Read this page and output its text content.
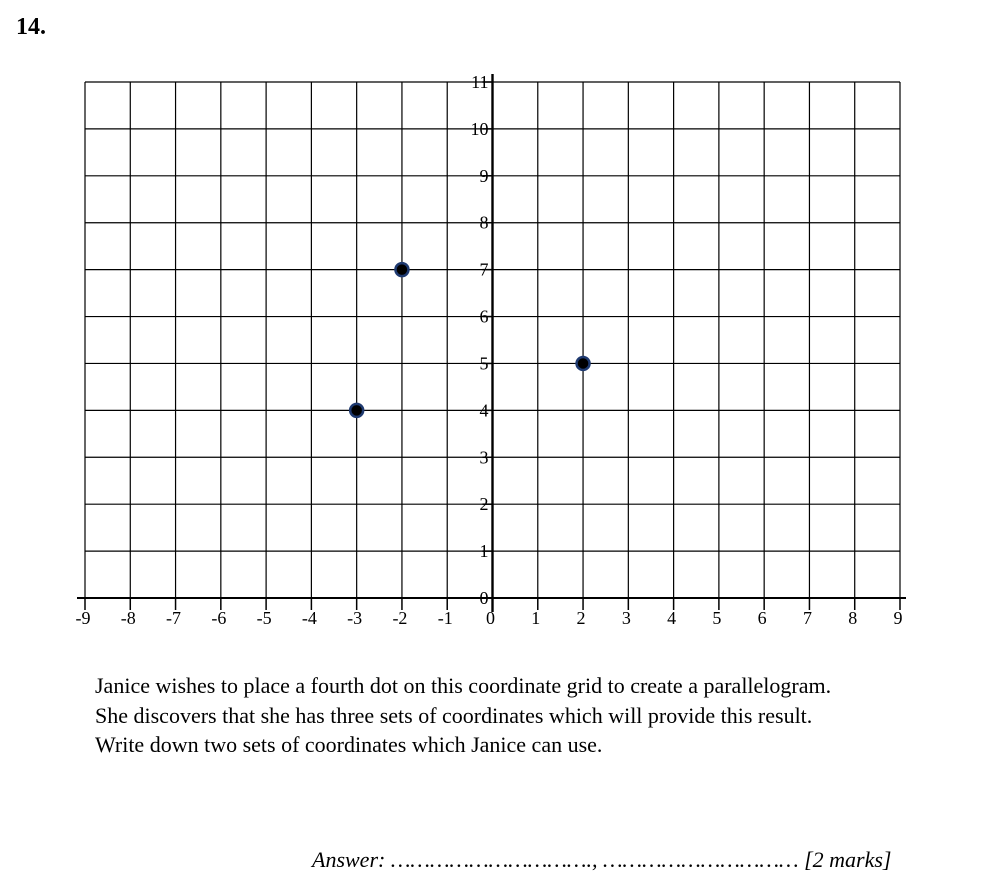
14.
-9 -8 -7 -6 -5 -4 -3 -2 -1 0 1 2 3 4 5 6 7 8 9
0
1
2
3
4
5
6
7
8
9
10
11
Janice wishes to place a fourth dot on this coordinate grid to create a parallelogram.
She discovers that she has three sets of coordinates which will provide this result.
Write down two sets of coordinates which Janice can use.
Answer: …………………………., ………………………… [2 marks]
